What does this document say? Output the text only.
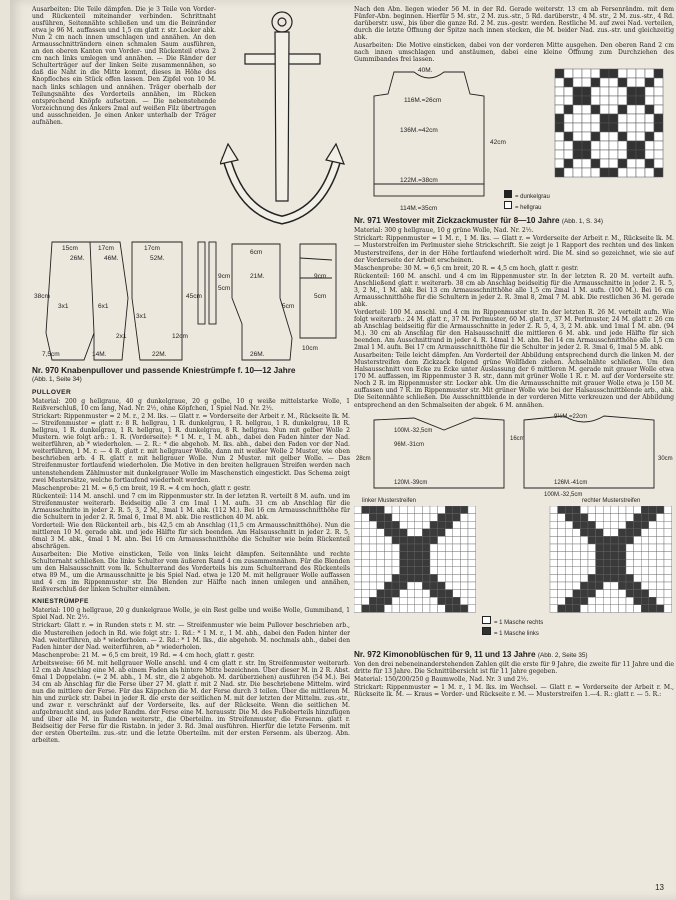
Ausarbeiten: Die Teile dämpfen. Die je 3 Teile von Vorder- und Rückenteil miteinander verbinden. Schrittnaht ausführen, Seitennähte schließen und um die Beinränder etwa je 96 M. auffassen und 1,5 cm glatt r. str. Locker abk. Nun 2 cm nach innen umschlagen und annähen. An den Armausschnitträndern einen schmalen Saum ausführen, an den oberen Kanten von Vorder- und Rückenteil etwa 2 cm nach links umlegen und annähen. — Die Ränder der Schulterträger auf der linken Seite zusammennähen, so daß die Naht in die Mitte kommt, dieses in Höhe des Knopfloches ein Stück offen lassen. Den Zipfel von 10 M. nach links schlagen und annähen. Träger oberhalb der Teilungsnähte des Vorderteils annähen, im Rücken entsprechend Knöpfe aufsetzen. — Die nebenstehende Vorzeichnung des Ankers 2mal auf weißen Filz übertragen und ausschneiden. Je einen Anker unterhalb der Träger aufnähen.

15cm
26M.
17cm
46M.
17cm
52M.
45cm
9cm
5cm
6cm
21M.
5cm
9cm
5cm
38cm
3x1	6x1
3x1
7,5cm	14M.	22M.	26M.
10cm
12cm
2x1
Nr. 970 Knabenpullover und passende Kniestrümpfe f. 10—12 Jahre
(Abb. 1, Seite 34)
PULLOVER

Material: 200 g hellgraue, 40 g dunkelgraue, 20 g gelbe, 10 g weiße mittelstarke Wolle, 1 Reißverschluß, 10 cm lang, Nad. Nr. 2½, ohne Köpfchen, 1 Spiel Nad. Nr. 2½.

Strickart: Rippenmuster = 2 M. r., 2 M. lks. — Glatt r. = Vorderseite der Arbeit r. M., Rückseite lk. M. — Streifenmuster = glatt r.: 8 R. hellgrau, 1 R. dunkelgrau, 1 R. hellgrau, 1 R. dunkelgrau, 18 R. hellgrau, 1 R. dunkelgrau, 1 R. hellgrau, 1 R. dunkelgrau, 8 R. hellgrau. Nun mit gelber Wolle 2 Mustern. wie folgt arb.: 1. R. (Vorderseite): * 1 M. r., 1 M. abh., dabei den Faden hinter der Nad. weiterführen, ab * wiederholen. — 2. R.: * die abgehob. M. lks. abh., dabei den Faden vor der Nad. weiterführen, 1 M. r. — 4 R. glatt r. mit hellgrauer Wolle, dann mit weißer Wolle 2 Muster, wie oben beschrieben arb. 4 R. glatt r. mit hellgrauer Wolle. Nun 2 Muster. mit gelber Wolle. — Das Streifenmuster fortlaufend wiederholen. Die Motive in den breiten hellgrauen Streifen werden nach untenstehendem Zählmuster mit dunkelgrauer Wolle im Maschenstich eingestickt. Das Schema zeigt zwei Mustersätze, welche fortlaufend wiederholt werden.

Maschenprobe: 21 M. = 6,5 cm breit, 19 R. = 4 cm hoch, glatt r. gestr.

Rückenteil: 114 M. anschl. und 7 cm im Rippenmuster str. In der letzten R. verteilt 8 M. aufn. und im Streifenmuster weiterarb. Beidseitig alle 3 cm 1mal 1 M. aufn. 31 cm ab Anschlag für die Armausschnitte in jeder 2. R. 5, 3, 2 M., 3mal 1 M. abk. (112 M.). Bei 16 cm Armausschnitthöhe für die Schultern in jeder 2. R. 5mal 6, 1mal 8 M. abk. Die restlichen 40 M. abk.

Vorderteil: Wie den Rückenteil arb., bis 42,5 cm ab Anschlag (11,5 cm Armausschnitthöhe). Nun die mittleren 10 M. gerade abk. und jede Hälfte für sich beenden. Am Halsausschnitt in jeder 2. R. 5, 6mal 3 M. abk., 4mal 1 M. abn. Bei 16 cm Armausschnitthöhe die Schulter wie beim Rückenteil abschrägen.

Ausarbeiten: Die Motive einsticken, Teile von links leicht dämpfen. Seitennähte und rechte Schulternaht schließen. Die linke Schulter vom äußeren Rand 4 cm zusammennähen. Für die Blenden um den Halsausschnitt vom lk. Schulterrand des Vorderteils bis zum Schulterrand des Rückenteils etwa 89 M., um die Armausschnitte je bis Spiel Nad. etwa je 120 M. mit hellgrauer Wolle auffassen und 4 cm im Rippenmuster str. Die Blenden zur Hälfte nach innen umlegen und annähen, Reißverschluß der linken Schulter einnähen.

KNIESTRÜMPFE

Material: 100 g hellgraue, 20 g dunkelgraue Wolle, je ein Rest gelbe und weiße Wolle, Gummiband, 1 Spiel Nad. Nr. 2½.

Strickart: Glatt r. = in Runden stets r. M. str. — Streifenmuster wie beim Pullover beschrieben arb., die Mustereihen jedoch in Rd. wie folgt str.: 1. Rd.: * 1 M. r., 1 M. abh., dabei den Faden hinter der Nad. weiterführen, ab * wiederholen. — 2. Rd.: * 1 M. lks., die abgehob. M. nochmals abh., dabei den Faden hinter der Nad. weiterführen, ab * wiederholen.

Maschenprobe: 21 M. = 6,5 cm breit, 19 Rd. = 4 cm hoch, glatt r. gestr.

Arbeitsweise: 66 M. mit hellgrauer Wolle anschl. und 4 cm glatt r. str. Im Streifenmuster weiterarb. 12 cm ab Anschlag eine M. ab einem Faden als hintere Mitte bezeichnen. Über dieser M. in 2 R. Abst. 6mal 1 Doppelabn. (= 2 M. abh., 1 M. str., die 2 abgehob. M. darüberziehen) ausführen (54 M.). Bei 34 cm ab Anschlag für die Ferse über 27 M. glatt r. mit 2 Nad. str. Die beschriebene Mittelm. wird nun die mittlere der Ferse. Für das Käppchen die M. der Ferse durch 3 teilen. Über die mittleren M. hin und zurück str. Dabei in jeder R. die erste der seitlichen M. mit der letzten der Mittelm. zus.-str., und zwar r. verschränkt auf der Vorderseite, lks. auf der Rückseite. Wenn die seitlichen M. aufgebraucht sind, aus jeder Randm. der Ferse eine M. herausstr. Die M. des Fußoberteils hinzufügen und über alle M. in Runden weiterstr., die Oberteilm. im Streifenmuster, die Fersenm. glatt r. Beidseitig der Ferse für die Ristabn. in jeder 3. Rd. 3mal ausführen. Hierfür die letzte Fersenm. mit der ersten Oberteilm. zus.-str. und die letzte Oberteilm. mit der ersten Fersenm. als überzog. Abn. arbeiten.

Nach den Abn. liegen wieder 56 M. in der Rd. Gerade weiterstr. 13 cm ab Fersenrändm. mit dem Fünfer-Abn. beginnen. Hierfür 5 M. str., 2 M. zus.-str., 5 Rd. darüberstr., 4 M. str., 2 M. zus.-str., 4 Rd. darüberstr. usw., bis über die ganze Rd. 2 M. zus.-gestr. werden. Restliche M. auf zwei Nad. verteilen, durch die letzte Öffnung der Spitze nach innen stecken, die M. beider Nad. zus.-str. und gleichzeitig abk.

Ausarbeiten: Die Motive einsticken, dabei von der vorderen Mitte ausgehen. Den oberen Rand 2 cm nach innen umschlagen und anstäumen, dabei eine kleine Öffnung zum Durchziehen des Gummibandes frei lassen.

40M.
116M.=26cm
136M.=42cm
42cm
122M.=38cm
114M.=35cm
= dunkelgrau
= hellgrau
Nr. 971 Westover mit Zickzackmuster für 8—10 Jahre (Abb. 1, S. 34)

Material: 300 g hellgraue, 10 g grüne Wolle, Nad. Nr. 2½.

Strickart: Rippenmuster = 1 M. r., 1 M. lks. — Glatt r. = Vorderseite der Arbeit r. M., Rückseite lk. M. — Musterstreifen im Perlmuster siehe Strickschrift. Sie zeigt je 1 Rapport des rechten und des linken Musterstreifens, der in der Höhe fortlaufend wiederholt wird. Die M. sind so gezeichnet, wie sie auf der Vorderseite der Arbeit erscheinen.

Maschenprobe: 30 M. = 6,5 cm breit, 20 R. = 4,5 cm hoch, glatt r. gestr.

Rückenteil: 160 M. anschl. und 4 cm im Rippenmuster str. In der letzten R. 20 M. verteilt aufn. Anschließend glatt r. weiterarb. 38 cm ab Anschlag beidseitig für die Armausschnitte in jeder 2. R. 5, 3, 2 M., 1 M. abk. Bei 13 cm Armausschnitthöhe alle 1,5 cm 2mal 1 M. aufn. (100 M.). Bei 16 cm Armausschnitthöhe für die Schultern in jeder 2. R. 3mal 8, 2mal 7 M. abk. Die restlichen 36 M. gerade abk.

Vorderteil: 100 M. anschl. und 4 cm im Rippenmuster str. In der letzten R. 26 M. verteilt aufn. Wie folgt weiterarb.: 24 M. glatt r., 37 M. Perlmuster, 60 M. glatt r., 37 M. Perlmuster, 24 M. glatt r. 26 cm ab Anschlag beidseitig für die Armausschnitte in jeder 2. R. 5, 4, 3, 2 M. abk. und 1mal 1 M. abn. (94 M.). 30 cm ab Anschlag für den Halsausschnitt die mittleren 6 M. abk. und jede Hälfte für sich beenden. Am Ausschnittrand in jeder 4. R. 14mal 1 M. abn. Bei 14 cm Armausschnitthöhe alle 1,5 cm 2mal 1 M. aufn. Bei 17 cm Armausschnitthöhe für die Schulter in jeder 2. R. 3mal 6, 1mal 5 M. abk.

Ausarbeiten: Teile leicht dämpfen. Am Vorderteil der Abbildung entsprechend durch die linken M. der Musterstreifen dem Zickzack folgend grüne Wollfäden ziehen. Achselnähte schließen. Um den Halsausschnitt von Ecke zu Ecke unter Auslassung der 6 mittleren M. gerade mit grauer Wolle etwa 170 M. auffassen, im Rippenmuster 3 R. str., dann mit grüner Wolle 1 R. r. M. auf der Vorderseite str. Noch 2 R. im Rippenmuster str. Locker abk. Um die Armausschnitte mit grauer Wolle etwa je 150 M. auffassen und 7 R. im Rippenmuster str. Mit grüner Wolle wie bei der Halsausschnittblende arb., abk. Die Seitennähte schließen. Die Ausschnittblende in der vorderen Mitte verkreuzen und der Abbildung entsprechend an den Schmalseiten der abgek. 6 M. annähen.

9½M.=22cm
100M.-32,5cm
96M.-31cm
120M.-39cm	126M.-41cm
100M.-32,5cm
28cm	30cm
16cm
linker Musterstreifen	rechter Musterstreifen
= 1 Masche rechts
= 1 Masche links
Nr. 972 Kimonoblüschen für 9, 11 und 13 Jahre (Abb. 2, Seite 35)

Von den drei nebeneinanderstehenden Zahlen gilt die erste für 9 Jahre, die zweite für 11 Jahre und die dritte für 13 Jahre. Die Schnittübersicht ist für 11 Jahre gegeben.

Material: 150/200/250 g Baumwolle, Nad. Nr. 3 und 2½.

Strickart: Rippenmuster = 1 M. r., 1 M. lks. im Wechsel. — Glatt r. = Vorderseite der Arbeit r. M., Rückseite lk. M. — Kraus = Vorder- und Rückseite r. M. — Musterstreifen 1.—4. R.: glatt r. — 5. R.:

13
